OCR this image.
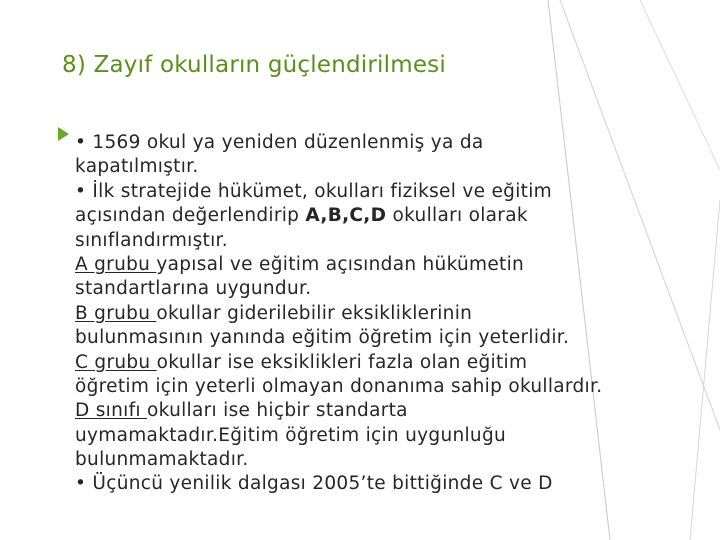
8) Zayıf okulların güçlendirilmesi
• 1569 okul ya yeniden düzenlenmiş ya da
kapatılmıştır.
• İlk stratejide hükümet, okulları fiziksel ve eğitim
açısından değerlendirip A,B,C,D okulları olarak
sınıflandırmıştır.
A grubu yapısal ve eğitim açısından hükümetin
standartlarına uygundur.
B grubu okullar giderilebilir eksikliklerinin
bulunmasının yanında eğitim öğretim için yeterlidir.
C grubu okullar ise eksiklikleri fazla olan eğitim
öğretim için yeterli olmayan donanıma sahip okullardır.
D sınıfı okulları ise hiçbir standarta
uymamaktadır.Eğitim öğretim için uygunluğu
bulunmamaktadır.
• Üçüncü yenilik dalgası 2005’te bittiğinde C ve D
